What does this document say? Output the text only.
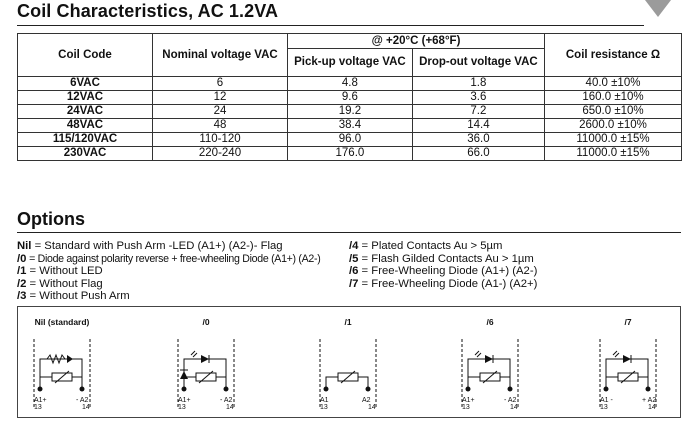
Coil Characteristics, AC 1.2VA
Coil Code	Nominal voltage VAC	@ +20°C (+68°F)		Coil resistance Ω
		Pick-up voltage VAC	Drop-out voltage VAC	
6VAC	6	4.8	1.8	40.0 ±10%
12VAC	12	9.6	3.6	160.0 ±10%
24VAC	24	19.2	7.2	650.0 ±10%
48VAC	48	38.4	14.4	2600.0 ±10%
115/120VAC	110-120	96.0	36.0	11000.0 ±15%
230VAC	220-240	176.0	66.0	11000.0 ±15%
Options
Nil = Standard with Push Arm -LED (A1+) (A2-)- Flag
/0 = Diode against polarity reverse + free-wheeling Diode (A1+) (A2-)
/1 = Without LED
/2 = Without Flag
/3 = Without Push Arm
/4 = Plated Contacts Au > 5µm
/5 = Flash Gilded Contacts Au > 1µm
/6 = Free-Wheeling Diode (A1+) (A2-)
/7 = Free-Wheeling Diode (A1-) (A2+)
Nil (standard)
A1+
13
- A2
14
/0
A1+
13
- A2
14
/1
A1
13
A2
14
/6
A1+
13
- A2
14
/7
A1 -
13
+ A2
14
